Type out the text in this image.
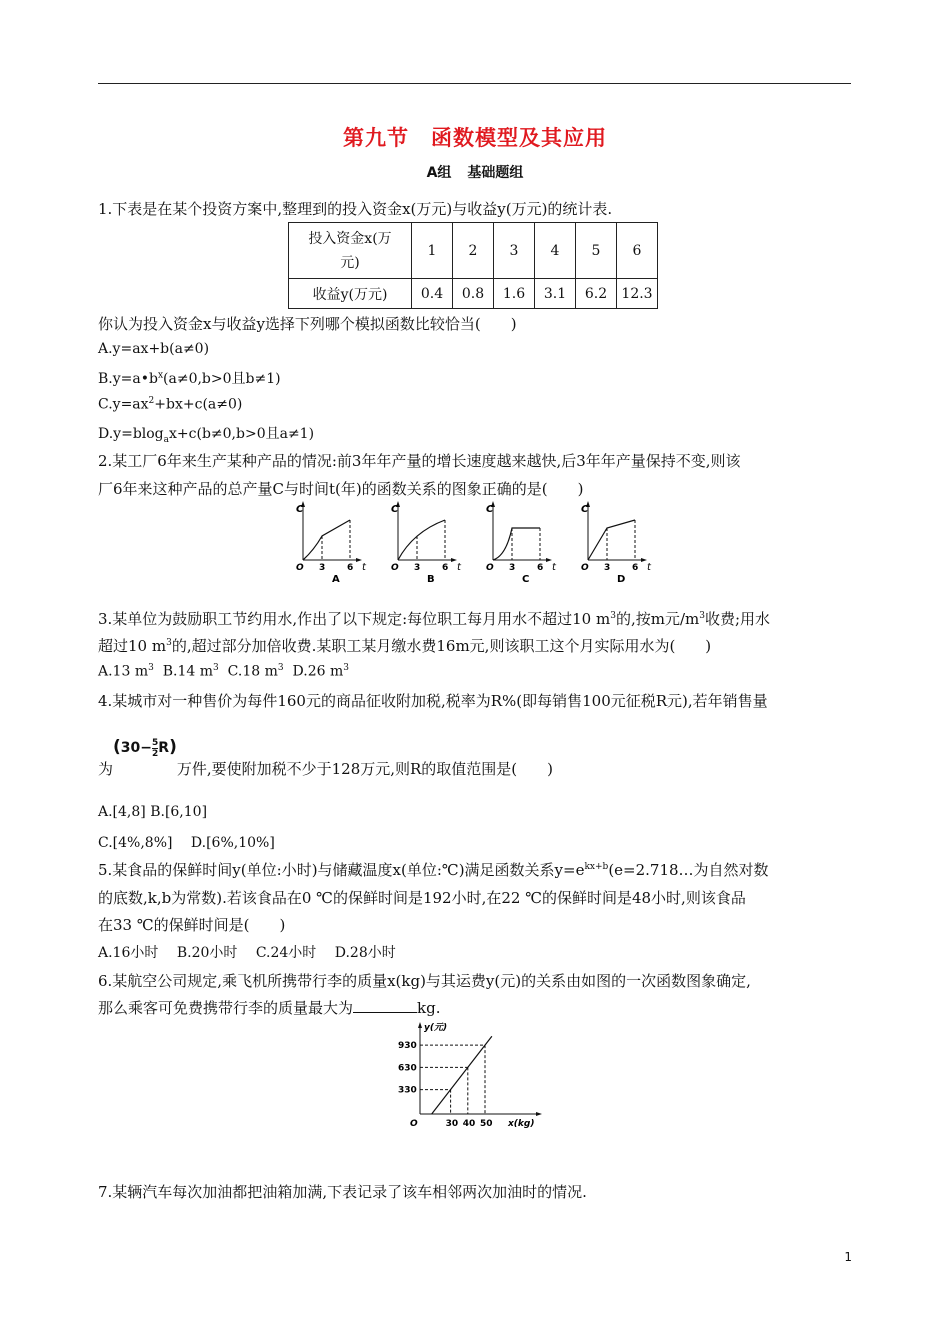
第九节 函数模型及其应用
A组 基础题组
1.下表是在某个投资方案中,整理到的投入资金x(万元)与收益y(万元)的统计表.
投入资金x(万
元)	1	2	3	4	5	6
收益y(万元)	0.4	0.8	1.6	3.1	6.2	12.3
你认为投入资金x与收益y选择下列哪个模拟函数比较恰当(　　)
A.y=ax+b(a≠0)
$B.y=a•b^x(a\ne 0,b>0$且b≠1)
$C.y=ax^2+bx+c(a\ne 0)$
D.y=blog$_a$x+c(b≠0,b>0且a≠1)
2.某工厂6年来生产某种产品的情况:前3年年产量的增长速度越来越快,后3年年产量保持不变,则该
厂6年来这种产品的总产量C与时间t(年)的函数关系的图象正确的是(　　)
C
t
O 3 6
A
C
t
O 3 6
B
C
t
O 3 6
C
C
t
O 3 6
D
3.某单位为鼓励职工节约用水,作出了以下规定:每位职工每月用水不超过10 $m^3$的,按m元$/m^3$收费;用水
超过10 $m^3$的,超过部分加倍收费.某职工某月缴水费16m元,则该职工这个月实际用水为(　　)
A.13 $m^3$ B.14 $m^3$ C.18 $m^3$ D.26 $m^3$
4.某城市对一种售价为每件160元的商品征收附加税,税率为R%(即每销售100元征税R元),若年销售量
为$(30- \frac{5}{2} R)$万件,要使附加税不少于128万元,则R的取值范围是(　　)
A.[4,8] B.[6,10]
C.[4%,8%]　 D.[6%,10%]
5.某食品的保鲜时间y(单位:小时)与储藏温度x(单位:℃)满足函数关系$y=e^{kx+b}(e=2.718\dots$为自然对数
的底数,k,b为常数).若该食品在0 ℃的保鲜时间是192小时,在22 ℃的保鲜时间是48小时,则该食品
在33 ℃的保鲜时间是(　　)
A.16小时　 B.20小时　 C.24小时　 D.28小时
6.某航空公司规定,乘飞机所携带行李的质量x(kg)与其运费y(元)的关系由如图的一次函数图象确定,
那么乘客可免费携带行李的质量最大为	kg.
y(元)
x(kg)
O
330
30
630
40
930
50
7.某辆汽车每次加油都把油箱加满,下表记录了该车相邻两次加油时的情况.
1
